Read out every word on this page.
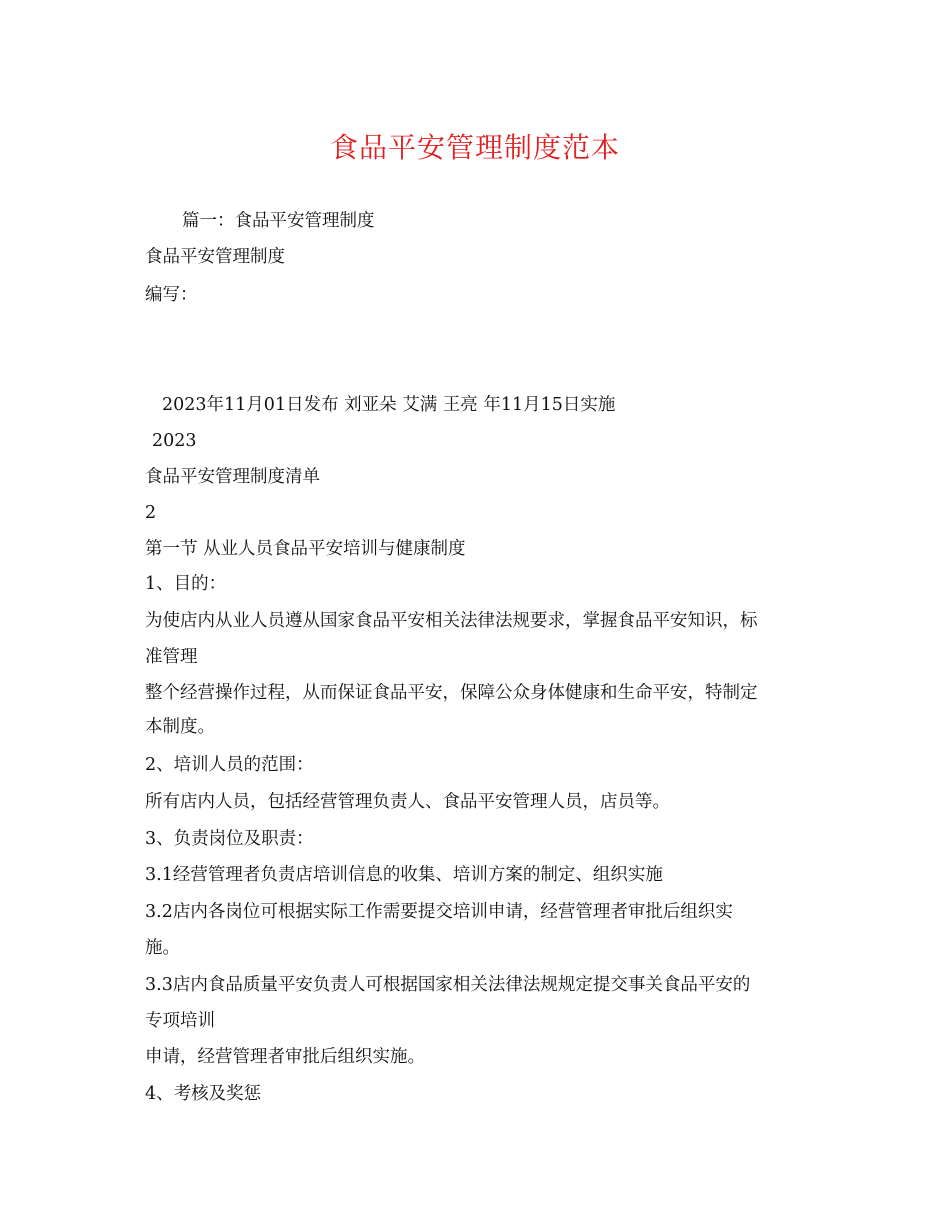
食品平安管理制度范本

篇一：食品平安管理制度

食品平安管理制度

编写：

2023年11月01日发布 刘亚朵 艾满 王亮 年11月15日实施

2023

食品平安管理制度清单

2

第一节 从业人员食品平安培训与健康制度

1、目的：

为使店内从业人员遵从国家食品平安相关法律法规要求，掌握食品平安知识，标

准管理

整个经营操作过程，从而保证食品平安，保障公众身体健康和生命平安，特制定

本制度。

2、培训人员的范围：

所有店内人员，包括经营管理负责人、食品平安管理人员，店员等。

3、负责岗位及职责：

3.1经营管理者负责店培训信息的收集、培训方案的制定、组织实施

3.2店内各岗位可根据实际工作需要提交培训申请，经营管理者审批后组织实

施。

3.3店内食品质量平安负责人可根据国家相关法律法规规定提交事关食品平安的

专项培训

申请，经营管理者审批后组织实施。

4、考核及奖惩
